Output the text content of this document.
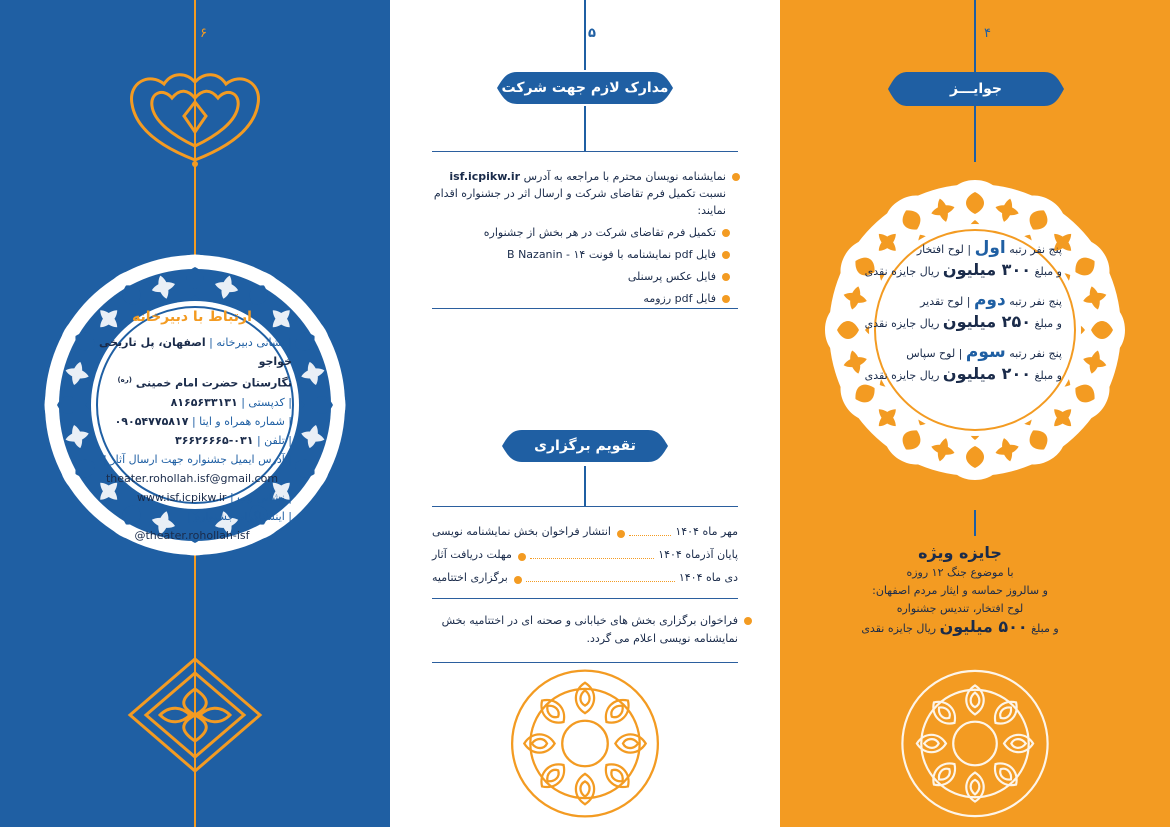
۶
ارتباط با دبیرخانه
| نشانی دبیرخانه | اصفهان، پل تاریخی خواجو
نگارستان حضرت امام خمینی $^{(ره)}$
| کدپستی | ۸۱۶۵۶۳۳۱۳۱
| شماره همراه و ایتا | ۰۹۰۵۴۷۷۵۸۱۷
| تلفن | ۰۳۱-۳۶۶۲۶۶۶۵
| آدرس ایمیل جشنواره جهت ارسال آثار |
theater.rohollah.isf@gmail.com
| نشانی وب | www.isf.icpikw.ir
| اینستاگرام جشنواره |
@theater.rohollah-isf
۵
مدارک لازم جهت شرکت
نمایشنامه نویسان محترم با مراجعه به آدرس isf.icpikw.ir
نسبت تکمیل فرم تقاضای شرکت و ارسال اثر در جشنواره اقدام نمایند:
تکمیل فرم تقاضای شرکت در هر بخش از جشنواره
فایل pdf نمایشنامه با فونت B Nazanin - ۱۴
فایل عکس پرسنلی
فایل pdf رزومه
تقویم برگزاری
انتشار فراخوان بخش نمایشنامه نویسی	مهر ماه ۱۴۰۴
مهلت دریافت آثار	پایان آذرماه ۱۴۰۴
برگزاری اختتامیه	دی ماه ۱۴۰۴
فراخوان برگزاری بخش های خیابانی و صحنه ای در اختتامیه بخش نمایشنامه نویسی اعلام می گردد.
۴
جوایـــز
پنج نفر رتبه اول | لوح افتخار
و مبلغ ۳۰۰ میلیون ریال جایزه نقدی
پنج نفر رتبه دوم | لوح تقدیر
و مبلغ ۲۵۰ میلیون ریال جایزه نقدی
پنج نفر رتبه سوم | لوح سپاس
و مبلغ ۲۰۰ میلیون ریال جایزه نقدی
جایزه ویژه
با موضوع جنگ ۱۲ روزه
و سالروز حماسه و ایثار مردم اصفهان:
لوح افتخار، تندیس جشنواره
و مبلغ ۵۰۰ میلیون ریال جایزه نقدی
